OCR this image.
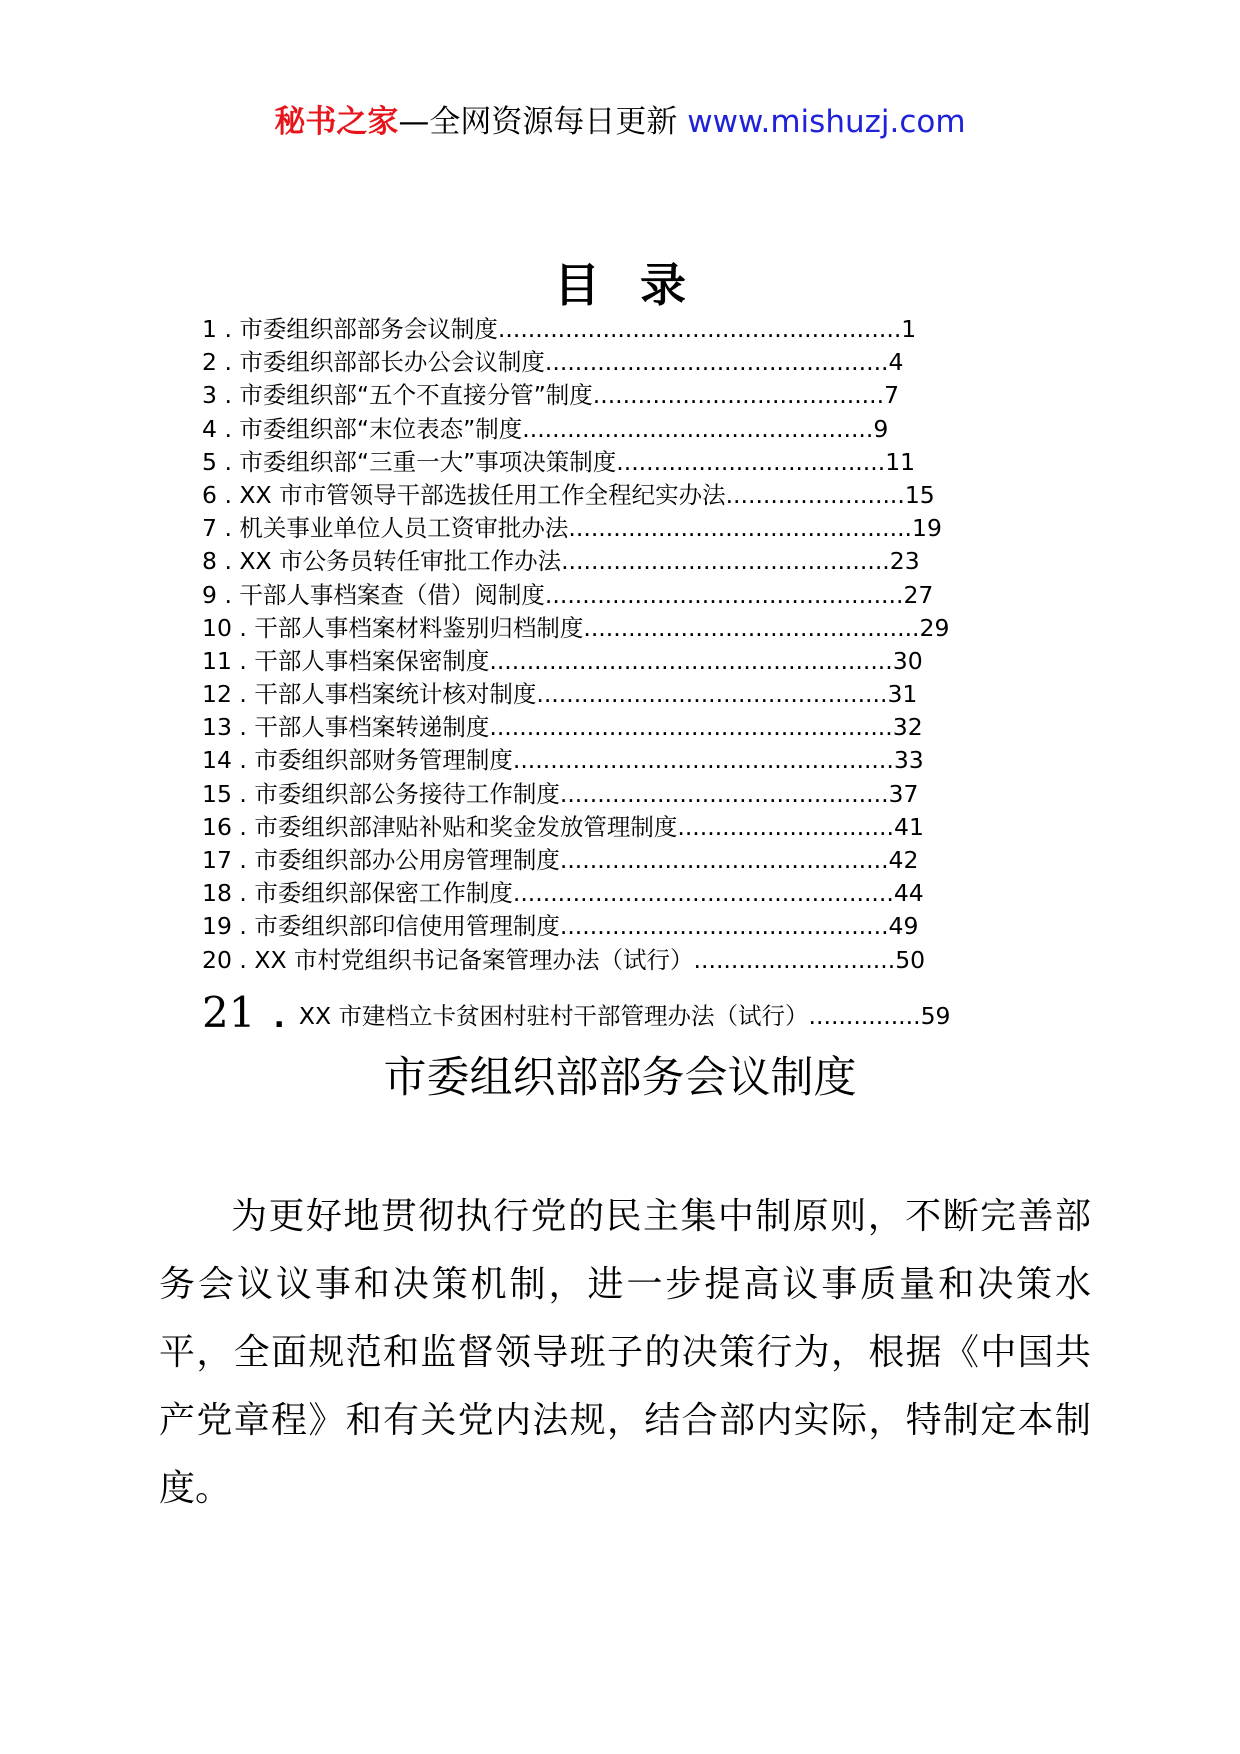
秘书之家—全网资源每日更新 www.mishuzj.com
目录
1 . 市委组织部部务会议制度......................................................1
2 . 市委组织部部长办公会议制度..............................................4
3 . 市委组织部“五个不直接分管”制度.......................................7
4 . 市委组织部“末位表态”制度...............................................9
5 . 市委组织部“三重一大”事项决策制度....................................11
6 . XX 市市管领导干部选拔任用工作全程纪实办法........................15
7 . 机关事业单位人员工资审批办法..............................................19
8 . XX 市公务员转任审批工作办法............................................23
9 . 干部人事档案查（借）阅制度................................................27
10 . 干部人事档案材料鉴别归档制度.............................................29
11 . 干部人事档案保密制度......................................................30
12 . 干部人事档案统计核对制度...............................................31
13 . 干部人事档案转递制度......................................................32
14 . 市委组织部财务管理制度...................................................33
15 . 市委组织部公务接待工作制度............................................37
16 . 市委组织部津贴补贴和奖金发放管理制度.............................41
17 . 市委组织部办公用房管理制度............................................42
18 . 市委组织部保密工作制度...................................................44
19 . 市委组织部印信使用管理制度............................................49
20 . XX 市村党组织书记备案管理办法（试行）...........................50
21 . XX 市建档立卡贫困村驻村干部管理办法（试行）...............59
市委组织部部务会议制度

为更好地贯彻执行党的民主集中制原则，不断完善部务会议议事和决策机制，进一步提高议事质量和决策水平，全面规范和监督领导班子的决策行为，根据《中国共产党章程》和有关党内法规，结合部内实际，特制定本制度。
